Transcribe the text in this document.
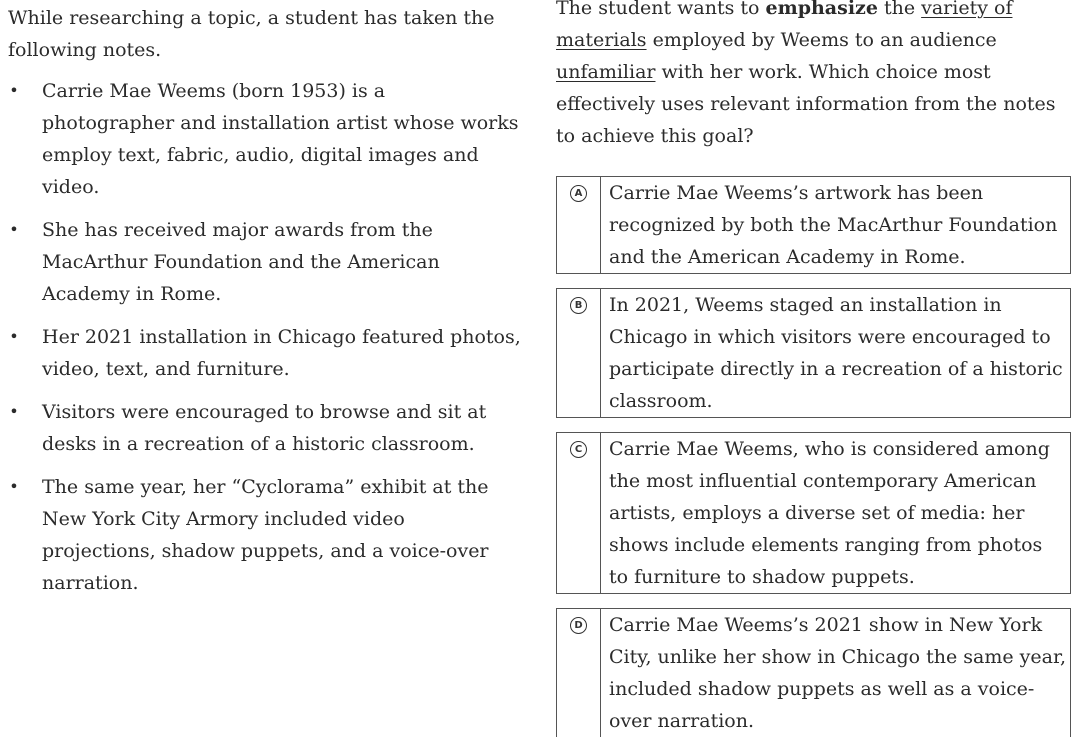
While researching a topic, a student has taken the following notes.

• Carrie Mae Weems (born 1953) is a photographer and installation artist whose works employ text, fabric, audio, digital images and video.
• She has received major awards from the MacArthur Foundation and the American Academy in Rome.
• Her 2021 installation in Chicago featured photos, video, text, and furniture.
• Visitors were encouraged to browse and sit at desks in a recreation of a historic classroom.
• The same year, her “Cyclorama” exhibit at the New York City Armory included video projections, shadow puppets, and a voice-over narration.

The student wants to emphasize the variety of materials employed by Weems to an audience unfamiliar with her work. Which choice most effectively uses relevant information from the notes to achieve this goal?

A	Carrie Mae Weems’s artwork has been recognized by both the MacArthur Foundation and the American Academy in Rome.
B	In 2021, Weems staged an installation in Chicago in which visitors were encouraged to participate directly in a recreation of a historic classroom.
C	Carrie Mae Weems, who is considered among the most influential contemporary American artists, employs a diverse set of media: her shows include elements ranging from photos to furniture to shadow puppets.
D	Carrie Mae Weems’s 2021 show in New York City, unlike her show in Chicago the same year, included shadow puppets as well as a voice-over narration.
